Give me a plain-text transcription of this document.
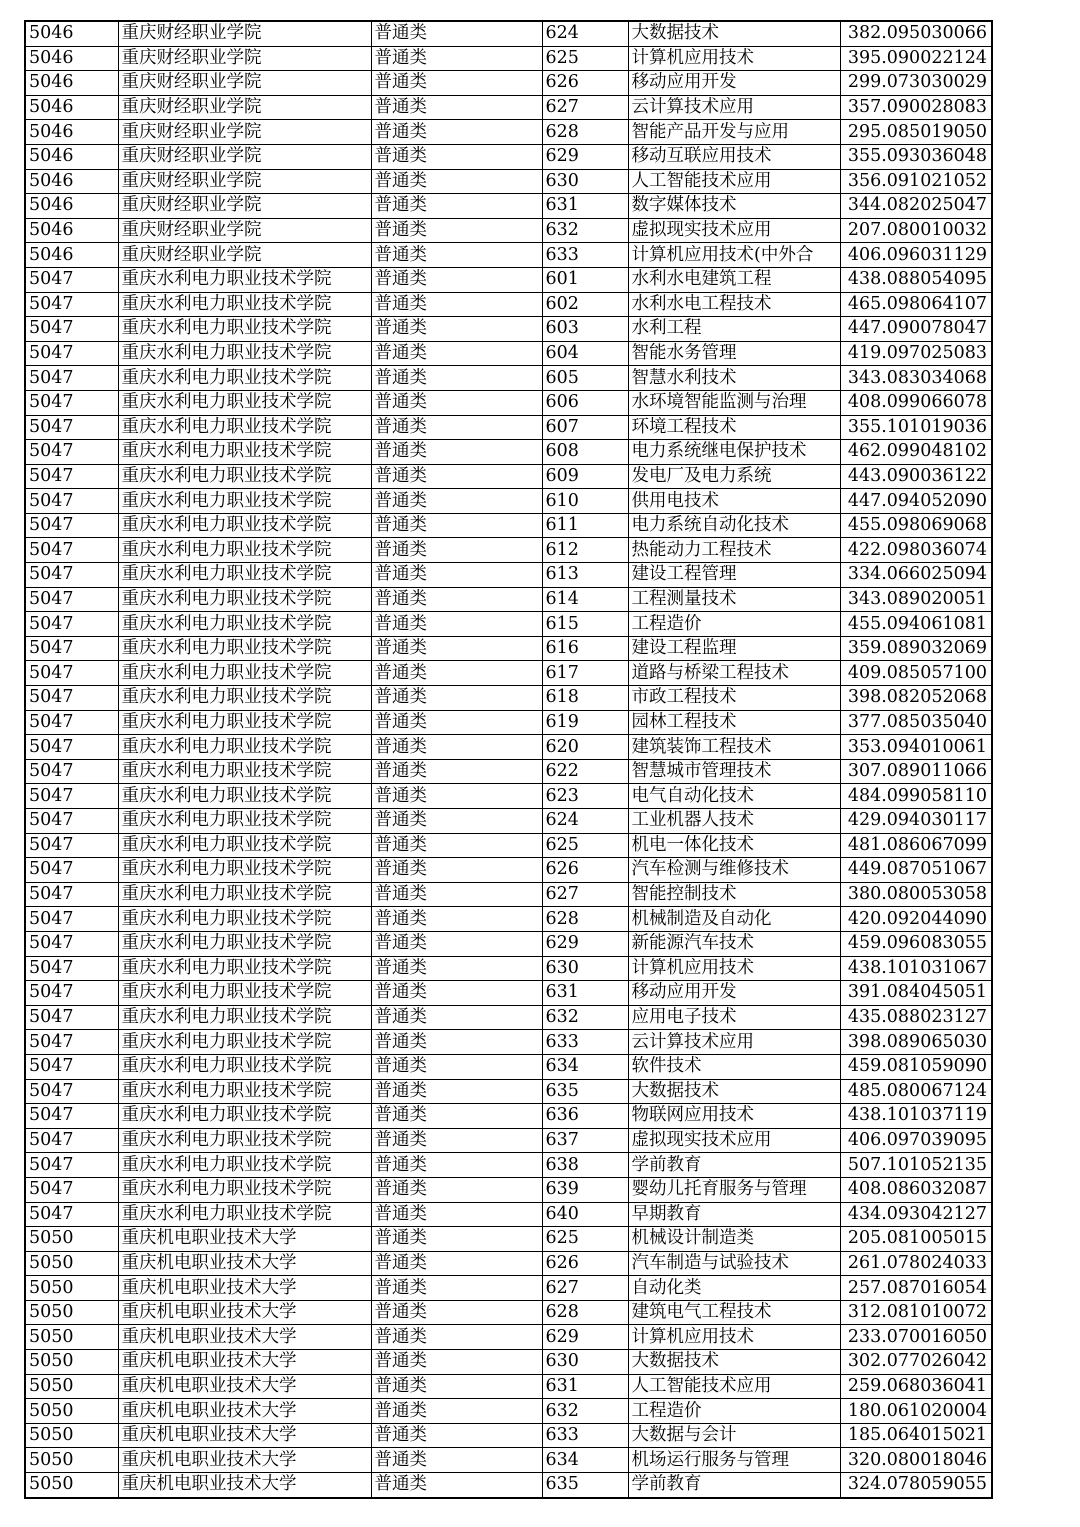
5046	重庆财经职业学院	普通类	624	大数据技术	382.095030066
5046	重庆财经职业学院	普通类	625	计算机应用技术	395.090022124
5046	重庆财经职业学院	普通类	626	移动应用开发	299.073030029
5046	重庆财经职业学院	普通类	627	云计算技术应用	357.090028083
5046	重庆财经职业学院	普通类	628	智能产品开发与应用	295.085019050
5046	重庆财经职业学院	普通类	629	移动互联应用技术	355.093036048
5046	重庆财经职业学院	普通类	630	人工智能技术应用	356.091021052
5046	重庆财经职业学院	普通类	631	数字媒体技术	344.082025047
5046	重庆财经职业学院	普通类	632	虚拟现实技术应用	207.080010032
5046	重庆财经职业学院	普通类	633	计算机应用技术(中外合	406.096031129
5047	重庆水利电力职业技术学院	普通类	601	水利水电建筑工程	438.088054095
5047	重庆水利电力职业技术学院	普通类	602	水利水电工程技术	465.098064107
5047	重庆水利电力职业技术学院	普通类	603	水利工程	447.090078047
5047	重庆水利电力职业技术学院	普通类	604	智能水务管理	419.097025083
5047	重庆水利电力职业技术学院	普通类	605	智慧水利技术	343.083034068
5047	重庆水利电力职业技术学院	普通类	606	水环境智能监测与治理	408.099066078
5047	重庆水利电力职业技术学院	普通类	607	环境工程技术	355.101019036
5047	重庆水利电力职业技术学院	普通类	608	电力系统继电保护技术	462.099048102
5047	重庆水利电力职业技术学院	普通类	609	发电厂及电力系统	443.090036122
5047	重庆水利电力职业技术学院	普通类	610	供用电技术	447.094052090
5047	重庆水利电力职业技术学院	普通类	611	电力系统自动化技术	455.098069068
5047	重庆水利电力职业技术学院	普通类	612	热能动力工程技术	422.098036074
5047	重庆水利电力职业技术学院	普通类	613	建设工程管理	334.066025094
5047	重庆水利电力职业技术学院	普通类	614	工程测量技术	343.089020051
5047	重庆水利电力职业技术学院	普通类	615	工程造价	455.094061081
5047	重庆水利电力职业技术学院	普通类	616	建设工程监理	359.089032069
5047	重庆水利电力职业技术学院	普通类	617	道路与桥梁工程技术	409.085057100
5047	重庆水利电力职业技术学院	普通类	618	市政工程技术	398.082052068
5047	重庆水利电力职业技术学院	普通类	619	园林工程技术	377.085035040
5047	重庆水利电力职业技术学院	普通类	620	建筑装饰工程技术	353.094010061
5047	重庆水利电力职业技术学院	普通类	622	智慧城市管理技术	307.089011066
5047	重庆水利电力职业技术学院	普通类	623	电气自动化技术	484.099058110
5047	重庆水利电力职业技术学院	普通类	624	工业机器人技术	429.094030117
5047	重庆水利电力职业技术学院	普通类	625	机电一体化技术	481.086067099
5047	重庆水利电力职业技术学院	普通类	626	汽车检测与维修技术	449.087051067
5047	重庆水利电力职业技术学院	普通类	627	智能控制技术	380.080053058
5047	重庆水利电力职业技术学院	普通类	628	机械制造及自动化	420.092044090
5047	重庆水利电力职业技术学院	普通类	629	新能源汽车技术	459.096083055
5047	重庆水利电力职业技术学院	普通类	630	计算机应用技术	438.101031067
5047	重庆水利电力职业技术学院	普通类	631	移动应用开发	391.084045051
5047	重庆水利电力职业技术学院	普通类	632	应用电子技术	435.088023127
5047	重庆水利电力职业技术学院	普通类	633	云计算技术应用	398.089065030
5047	重庆水利电力职业技术学院	普通类	634	软件技术	459.081059090
5047	重庆水利电力职业技术学院	普通类	635	大数据技术	485.080067124
5047	重庆水利电力职业技术学院	普通类	636	物联网应用技术	438.101037119
5047	重庆水利电力职业技术学院	普通类	637	虚拟现实技术应用	406.097039095
5047	重庆水利电力职业技术学院	普通类	638	学前教育	507.101052135
5047	重庆水利电力职业技术学院	普通类	639	婴幼儿托育服务与管理	408.086032087
5047	重庆水利电力职业技术学院	普通类	640	早期教育	434.093042127
5050	重庆机电职业技术大学	普通类	625	机械设计制造类	205.081005015
5050	重庆机电职业技术大学	普通类	626	汽车制造与试验技术	261.078024033
5050	重庆机电职业技术大学	普通类	627	自动化类	257.087016054
5050	重庆机电职业技术大学	普通类	628	建筑电气工程技术	312.081010072
5050	重庆机电职业技术大学	普通类	629	计算机应用技术	233.070016050
5050	重庆机电职业技术大学	普通类	630	大数据技术	302.077026042
5050	重庆机电职业技术大学	普通类	631	人工智能技术应用	259.068036041
5050	重庆机电职业技术大学	普通类	632	工程造价	180.061020004
5050	重庆机电职业技术大学	普通类	633	大数据与会计	185.064015021
5050	重庆机电职业技术大学	普通类	634	机场运行服务与管理	320.080018046
5050	重庆机电职业技术大学	普通类	635	学前教育	324.078059055
